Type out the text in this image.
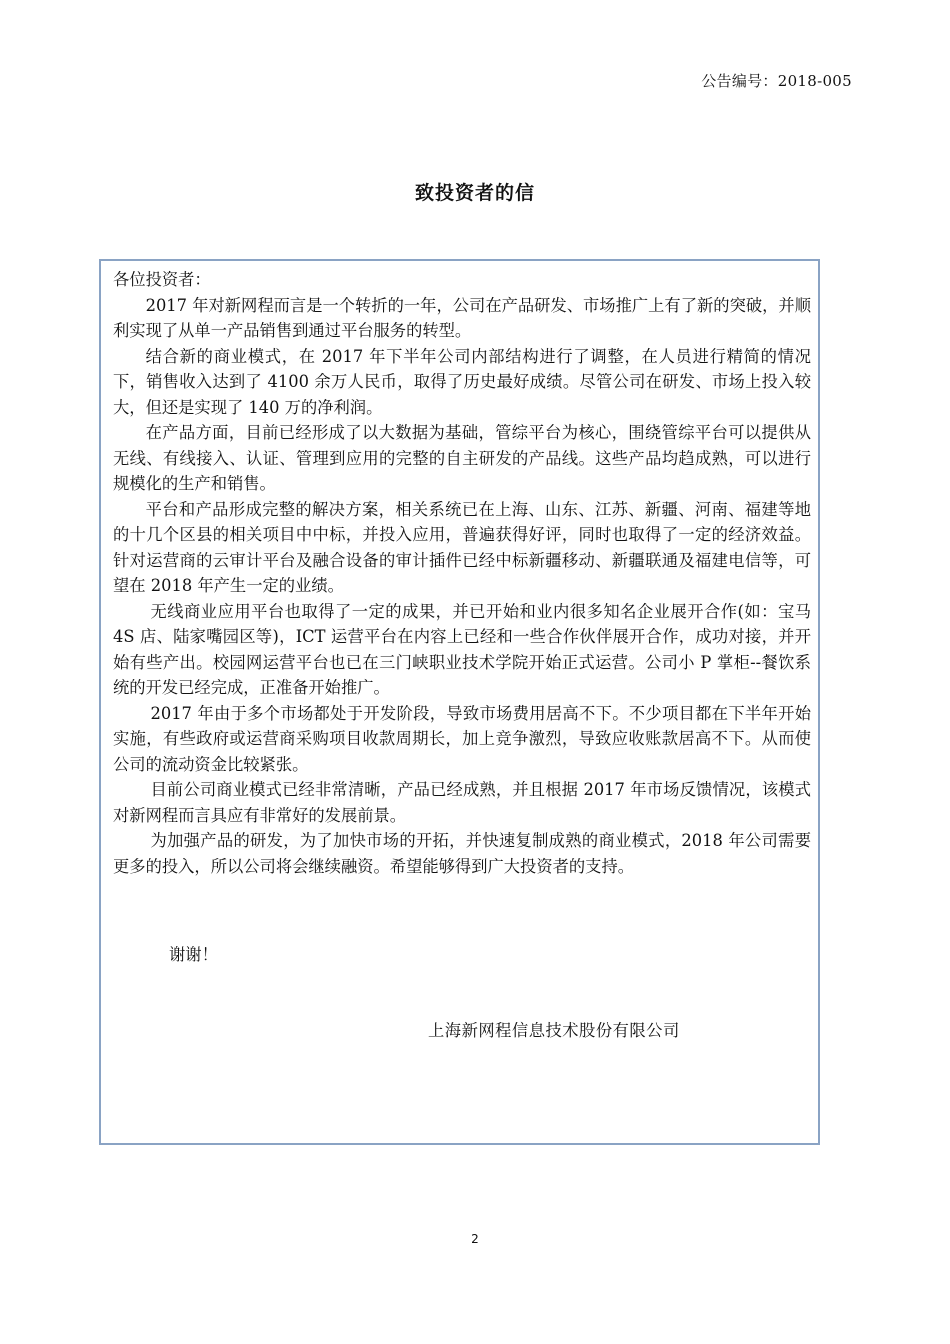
公告编号：2018-005
致投资者的信

各位投资者：

2017 年对新网程而言是一个转折的一年，公司在产品研发、市场推广上有了新的突破，并顺利实现了从单一产品销售到通过平台服务的转型。

结合新的商业模式，在 2017 年下半年公司内部结构进行了调整，在人员进行精简的情况下，销售收入达到了 4100 余万人民币，取得了历史最好成绩。尽管公司在研发、市场上投入较大，但还是实现了 140 万的净利润。

在产品方面，目前已经形成了以大数据为基础，管综平台为核心，围绕管综平台可以提供从无线、有线接入、认证、管理到应用的完整的自主研发的产品线。这些产品均趋成熟，可以进行规模化的生产和销售。

平台和产品形成完整的解决方案，相关系统已在上海、山东、江苏、新疆、河南、福建等地的十几个区县的相关项目中中标，并投入应用，普遍获得好评，同时也取得了一定的经济效益。针对运营商的云审计平台及融合设备的审计插件已经中标新疆移动、新疆联通及福建电信等，可望在 2018 年产生一定的业绩。

无线商业应用平台也取得了一定的成果，并已开始和业内很多知名企业展开合作(如：宝马 4S 店、陆家嘴园区等)，ICT 运营平台在内容上已经和一些合作伙伴展开合作，成功对接，并开始有些产出。校园网运营平台也已在三门峡职业技术学院开始正式运营。公司小 P 掌柜--餐饮系统的开发已经完成，正准备开始推广。

2017 年由于多个市场都处于开发阶段，导致市场费用居高不下。不少项目都在下半年开始实施，有些政府或运营商采购项目收款周期长，加上竞争激烈，导致应收账款居高不下。从而使公司的流动资金比较紧张。

目前公司商业模式已经非常清晰，产品已经成熟，并且根据 2017 年市场反馈情况，该模式对新网程而言具应有非常好的发展前景。

为加强产品的研发，为了加快市场的开拓，并快速复制成熟的商业模式，2018 年公司需要更多的投入，所以公司将会继续融资。希望能够得到广大投资者的支持。

谢谢！
上海新网程信息技术股份有限公司
2
